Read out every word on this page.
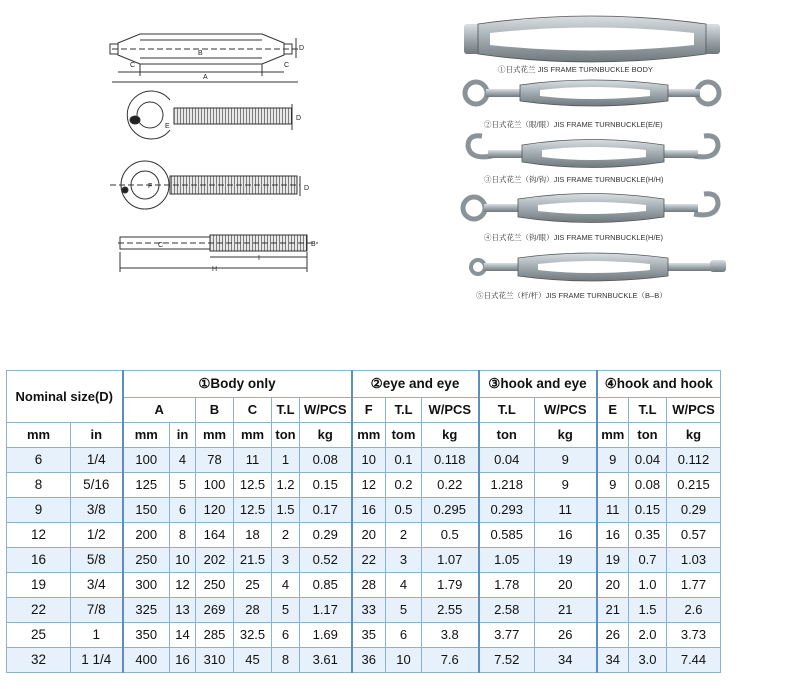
C
B
C
A
D
E
D
F	D
C
I
H
B
①日式花兰 JIS FRAME TURNBUCKLE BODY
②日式花兰（眼/眼）JIS FRAME TURNBUCKLE(E/E)
③日式花兰（钩/钩）JIS FRAME TURNBUCKLE(H/H)
④日式花兰（钩/眼）JIS FRAME TURNBUCKLE(H/E)
⑤日式花兰（杆/杆）JIS FRAME TURNBUCKLE（B–B）
Nominal size(D)		①Body only						②eye and eye			③hook and eye		④hook and hook		
		A		B	C	T.L	W/PCS	F	T.L	W/PCS	T.L	W/PCS	E	T.L	W/PCS
mm	in	mm	in	mm	mm	ton	kg	mm	tom	kg	ton	kg	mm	ton	kg
6	1/4	100	4	78	11	1	0.08	10	0.1	0.118	0.04	9	9	0.04	0.112
8	5/16	125	5	100	12.5	1.2	0.15	12	0.2	0.22	1.218	9	9	0.08	0.215
9	3/8	150	6	120	12.5	1.5	0.17	16	0.5	0.295	0.293	11	11	0.15	0.29
12	1/2	200	8	164	18	2	0.29	20	2	0.5	0.585	16	16	0.35	0.57
16	5/8	250	10	202	21.5	3	0.52	22	3	1.07	1.05	19	19	0.7	1.03
19	3/4	300	12	250	25	4	0.85	28	4	1.79	1.78	20	20	1.0	1.77
22	7/8	325	13	269	28	5	1.17	33	5	2.55	2.58	21	21	1.5	2.6
25	1	350	14	285	32.5	6	1.69	35	6	3.8	3.77	26	26	2.0	3.73
32	1 1/4	400	16	310	45	8	3.61	36	10	7.6	7.52	34	34	3.0	7.44
